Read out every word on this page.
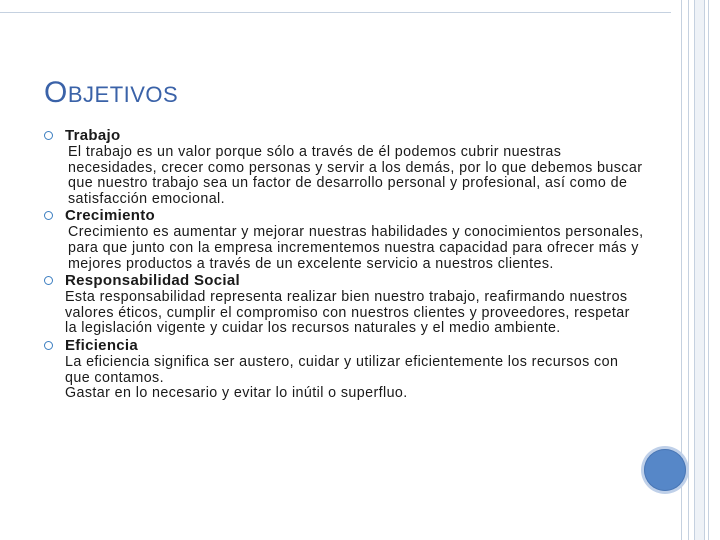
OBJETIVOS
Trabajo
El trabajo es un valor porque sólo a través de él podemos cubrir nuestras necesidades, crecer como personas y servir a los demás, por lo que debemos buscar que nuestro trabajo sea un factor de desarrollo personal y profesional, así como de satisfacción emocional.
Crecimiento
Crecimiento es aumentar y mejorar nuestras habilidades y conocimientos personales, para que junto con la empresa incrementemos nuestra capacidad para ofrecer más y mejores productos a través de un excelente servicio a nuestros clientes.
Responsabilidad Social
Esta responsabilidad representa realizar bien nuestro trabajo, reafirmando nuestros valores éticos, cumplir el compromiso con nuestros clientes y proveedores, respetar la legislación vigente y cuidar los recursos naturales y el medio ambiente.
Eficiencia
La eficiencia significa ser austero, cuidar y utilizar eficientemente los recursos con que contamos.
Gastar en lo necesario y evitar lo inútil o superfluo.
